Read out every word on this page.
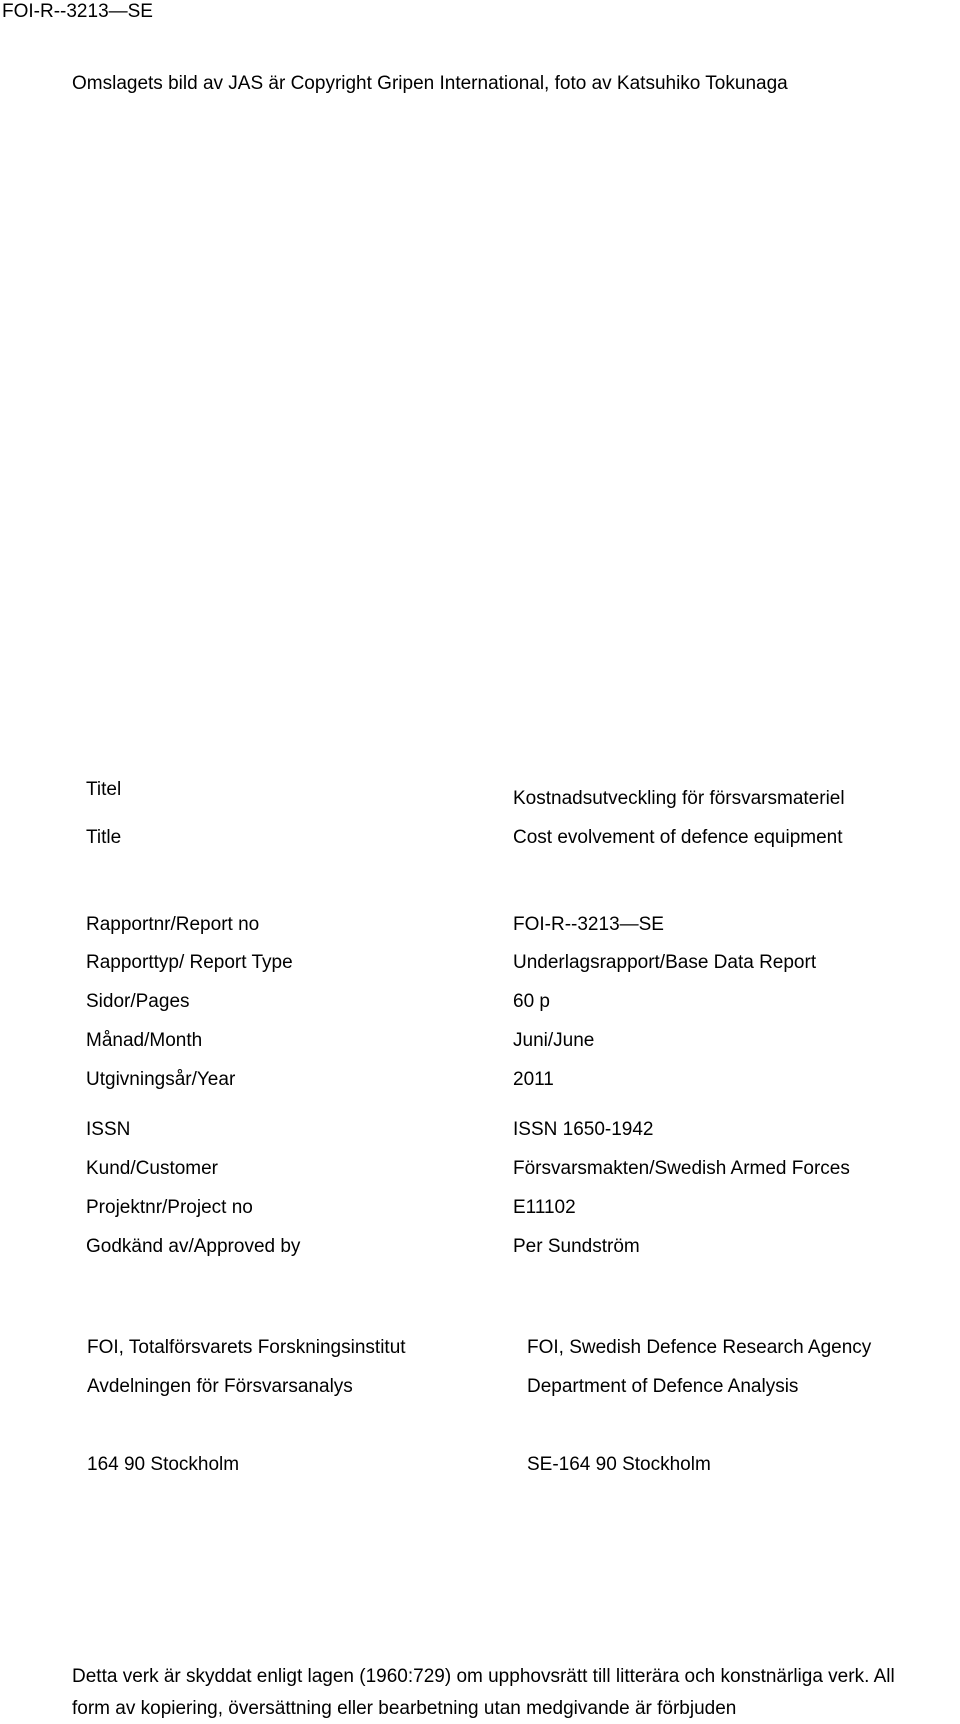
FOI-R--3213—SE
Omslagets bild av JAS är Copyright Gripen International, foto av Katsuhiko Tokunaga
Titel	Kostnadsutveckling för försvarsmateriel
Title	Cost evolvement of defence equipment
Rapportnr/Report no	FOI-R--3213—SE
Rapporttyp/ Report Type	Underlagsrapport/Base Data Report
Sidor/Pages	60 p
Månad/Month	Juni/June
Utgivningsår/Year	2011
ISSN	ISSN 1650-1942
Kund/Customer	Försvarsmakten/Swedish Armed Forces
Projektnr/Project no	E11102
Godkänd av/Approved by	Per Sundström
FOI, Totalförsvarets Forskningsinstitut	FOI, Swedish Defence Research Agency
Avdelningen för Försvarsanalys	Department of Defence Analysis
164 90 Stockholm	SE-164 90 Stockholm
Detta verk är skyddat enligt lagen (1960:729) om upphovsrätt till litterära och konstnärliga verk. All
form av kopiering, översättning eller bearbetning utan medgivande är förbjuden
